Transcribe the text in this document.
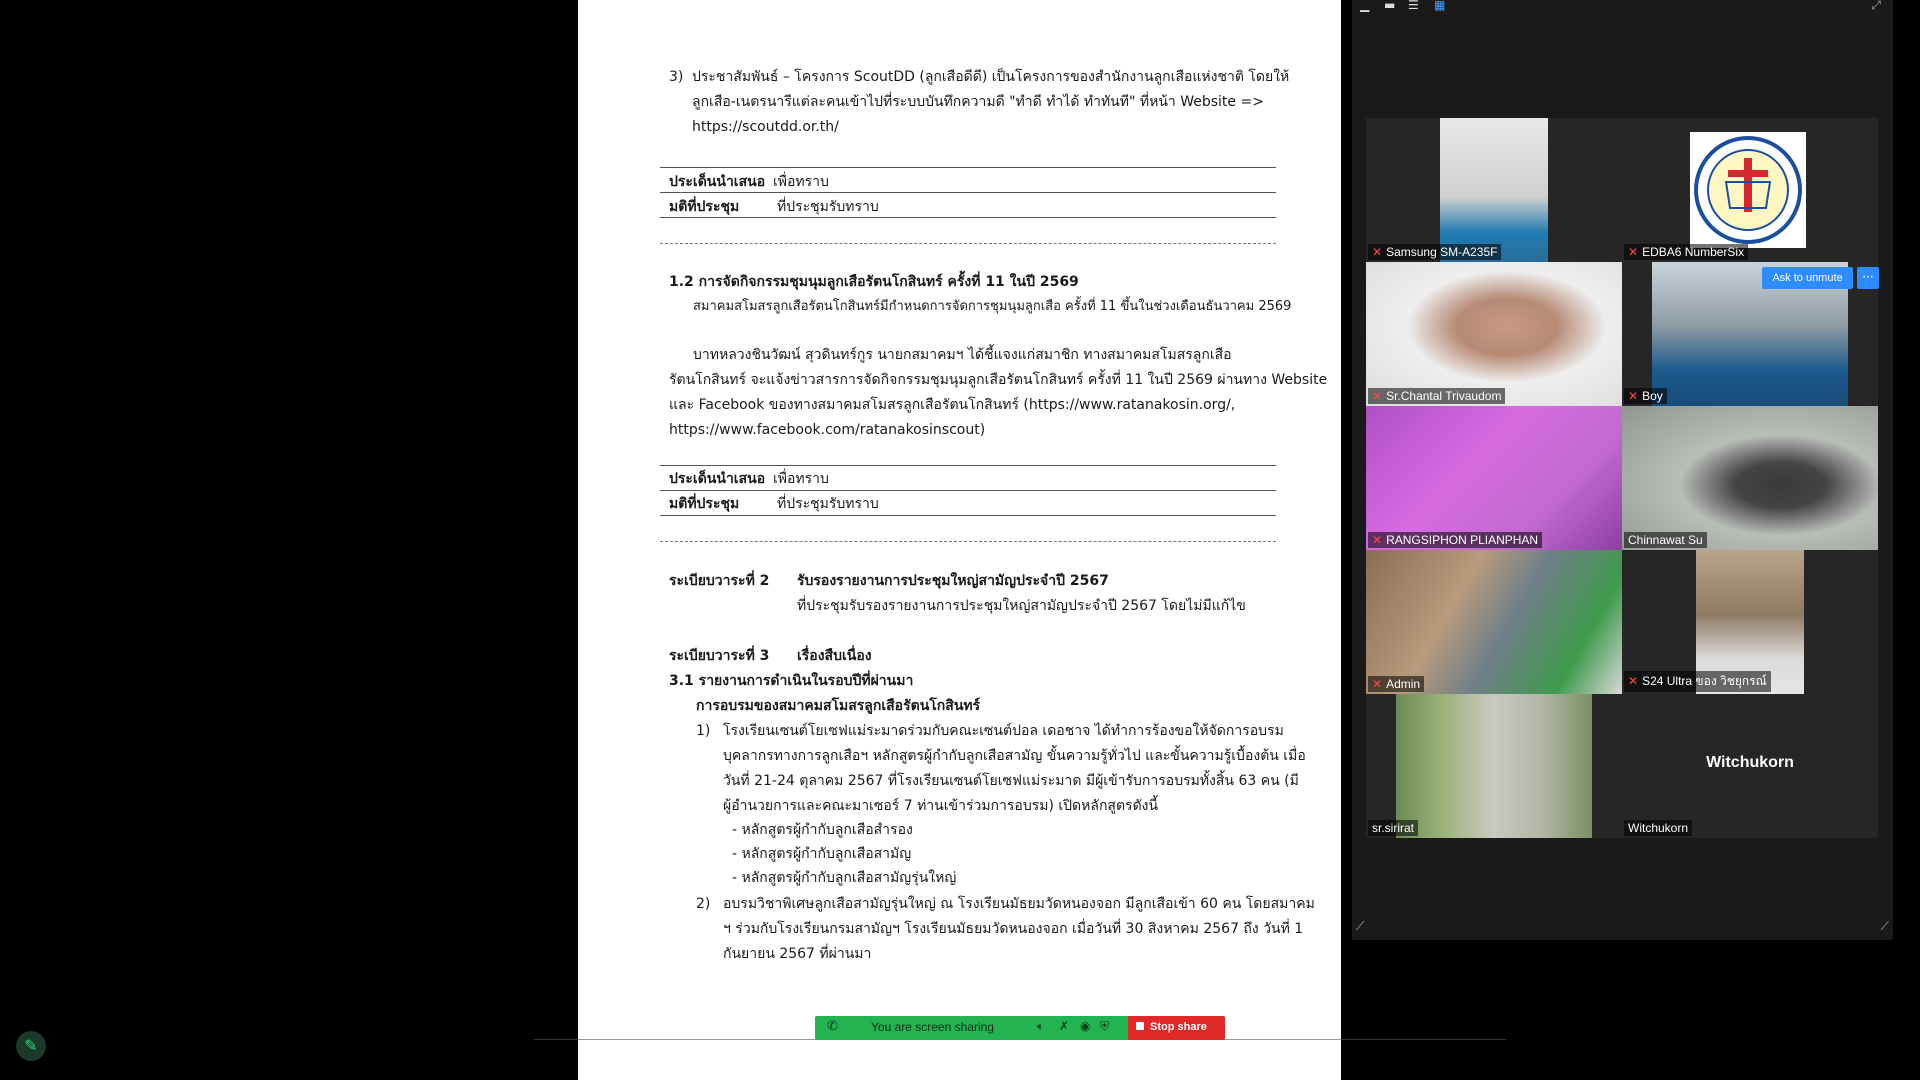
3) ประชาสัมพันธ์ – โครงการ ScoutDD (ลูกเสือดีดี) เป็นโครงการของสำนักงานลูกเสือแห่งชาติ โดยให้
ลูกเสือ-เนตรนารีแต่ละคนเข้าไปที่ระบบบันทึกความดี "ทำดี ทำได้ ทำทันที" ที่หน้า Website =>
https://scoutdd.or.th/
ประเด็นนำเสนอ เพื่อทราบ
มติที่ประชุม	ที่ประชุมรับทราบ
1.2 การจัดกิจกรรมชุมนุมลูกเสือรัตนโกสินทร์ ครั้งที่ 11 ในปี 2569
สมาคมสโมสรลูกเสือรัตนโกสินทร์มีกำหนดการจัดการชุมนุมลูกเสือ ครั้งที่ 11 ขึ้นในช่วงเดือนธันวาคม 2569
บาทหลวงชินวัฒน์ สุวดินทร์กูร นายกสมาคมฯ ได้ชี้แจงแก่สมาชิก ทางสมาคมสโมสรลูกเสือ
รัตนโกสินทร์ จะแจ้งข่าวสารการจัดกิจกรรมชุมนุมลูกเสือรัตนโกสินทร์ ครั้งที่ 11 ในปี 2569 ผ่านทาง Website
และ Facebook ของทางสมาคมสโมสรลูกเสือรัตนโกสินทร์ (https://www.ratanakosin.org/,
https://www.facebook.com/ratanakosinscout)
ประเด็นนำเสนอ เพื่อทราบ
มติที่ประชุม	ที่ประชุมรับทราบ
ระเบียบวาระที่ 2 รับรองรายงานการประชุมใหญ่สามัญประจำปี 2567
ที่ประชุมรับรองรายงานการประชุมใหญ่สามัญประจำปี 2567 โดยไม่มีแก้ไข
ระเบียบวาระที่ 3 เรื่องสืบเนื่อง
3.1 รายงานการดำเนินในรอบปีที่ผ่านมา
การอบรมของสมาคมสโมสรลูกเสือรัตนโกสินทร์
1) โรงเรียนเซนต์โยเซฟแม่ระมาดร่วมกับคณะเซนต์ปอล เดอชาจ ได้ทำการร้องขอให้จัดการอบรม
บุคลากรทางการลูกเสือฯ หลักสูตรผู้กำกับลูกเสือสามัญ ขั้นความรู้ทั่วไป และขั้นความรู้เบื้องต้น เมื่อ
วันที่ 21-24 ตุลาคม 2567 ที่โรงเรียนเซนต์โยเซฟแม่ระมาด มีผู้เข้ารับการอบรมทั้งสิ้น 63 คน (มี
ผู้อำนวยการและคณะมาเซอร์ 7 ท่านเข้าร่วมการอบรม) เปิดหลักสูตรดังนี้
- หลักสูตรผู้กำกับลูกเสือสำรอง
- หลักสูตรผู้กำกับลูกเสือสามัญ
- หลักสูตรผู้กำกับลูกเสือสามัญรุ่นใหญ่
2) อบรมวิชาพิเศษลูกเสือสามัญรุ่นใหญ่ ณ โรงเรียนมัธยมวัดหนองจอก มีลูกเสือเข้า 60 คน โดยสมาคม
ฯ ร่วมกับโรงเรียนกรมสามัญฯ โรงเรียนมัธยมวัดหนองจอก เมื่อวันที่ 30 สิงหาคม 2567 ถึง วันที่ 1
กันยายน 2567 ที่ผ่านมา
✆	You are screen sharing	🔈︎ ✗ ◉ ⛨	Stop share
✎
▁ ▬ ☰ ▦	⤢
✕ Samsung SM-A235F	✕ EDBA6 NumberSix
✕ Sr.Chantal Trivaudom	✕ Boy
✕ RANGSIPHON PLIANPHAN	Chinnawat Su
✕ Admin	✕ S24 Ultra ของ วิชยุกรณ์
sr.sirirat
Witchukorn
Witchukorn
Ask to unmute	···
⟋	⟋
